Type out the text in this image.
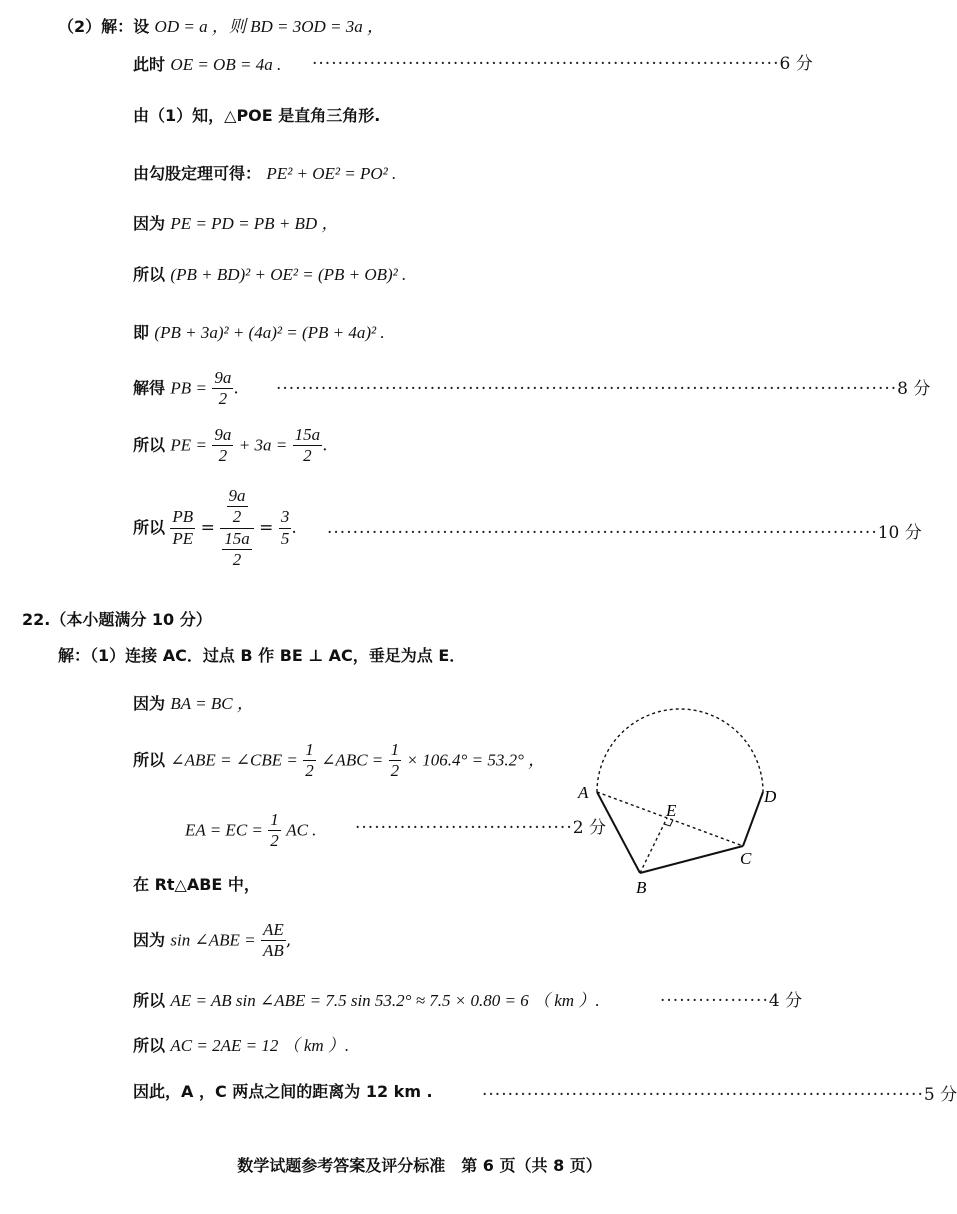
（2）解：设 OD = a ，则 BD = 3OD = 3a ，
此时 OE = OB = 4a . ·········································································6 分
由（1）知，△POE 是直角三角形.
由勾股定理可得： PE² + OE² = PO² .
因为 PE = PD = PB + BD ，
所以 (PB + BD)² + OE² = (PB + OB)² .
即 (PB + 3a)² + (4a)² = (PB + 4a)² .
解得 PB = $\frac{9a}{2}$ . ·································································································8 分
所以 PE = $\frac{9a}{2} + 3a = \frac{15a}{2}$ .
所以 $\frac{PB}{PE} = \frac{\frac{9a}{2}}{\frac{15a}{2}} = \frac{3}{5}$ . ······················································································10 分
22.（本小题满分 10 分）
解：（1）连接 AC．过点 B 作 BE ⊥ AC，垂足为点 E．
因为 BA = BC ，
所以 ∠ABE = ∠CBE = $\frac{1}{2}$ ∠ABC = $\frac{1}{2} \times 106.4^\circ = 53.2^\circ$ ，
EA = EC = $\frac{1}{2}$ AC . ··································2 分
在 Rt△ABE 中，
因为 sin ∠ABE = $\frac{AE}{AB}$ ,
所以 AE = AB sin ∠ABE = 7.5 sin 53.2° ≈ 7.5 × 0.80 = 6 （ km ）.	·················4 分
所以 AC = 2AE = 12 （ km ）.
因此，A ，C 两点之间的距离为 12 km .	·····································································5 分
A
B
C
D
E
数学试题参考答案及评分标准　第 6 页（共 8 页）
